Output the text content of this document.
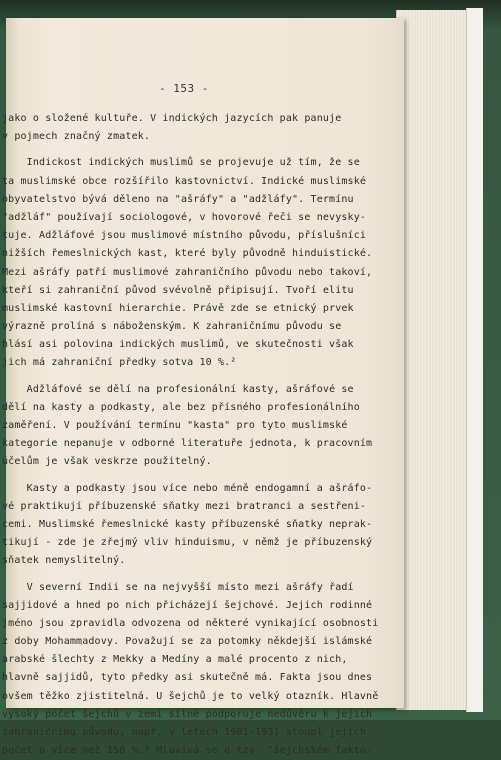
- 153 -
jako o složené kultuře. V indických jazycích pak panuje
v pojmech značný zmatek.
Indickost indických muslimů se projevuje už tím, že se
ta muslimské obce rozšířilo kastovnictví. Indické muslimské
obyvatelstvo bývá děleno na "ašráfy" a "adžláfy". Termínu
"adžláf" používají sociologové, v hovorové řeči se nevysky-
tuje. Adžláfové jsou muslimové místního původu, příslušníci
nižších řemeslnických kast, které byly původně hinduistické.
Mezi ašráfy patří muslimové zahraničního původu nebo takoví,
kteří si zahraniční původ svévolně připisují. Tvoří elitu
muslimské kastovní hierarchie. Právě zde se etnický prvek
výrazně prolíná s náboženským. K zahraničnímu původu se
hlásí asi polovina indických muslimů, ve skutečnosti však
jich má zahraniční předky sotva 10 %.²
Adžláfové se dělí na profesionální kasty, ašráfové se
dělí na kasty a podkasty, ale bez přísného profesionálního
zaměření. V používání termínu "kasta" pro tyto muslimské
kategorie nepanuje v odborné literatuře jednota, k pracovním
účelům je však veskrze použitelný.
Kasty a podkasty jsou více nebo méně endogamní a ašráfo-
vé praktikují příbuzenské sňatky mezi bratranci a sestřeni-
cemi. Muslimské řemeslnické kasty příbuzenské sňatky neprak-
tikují - zde je zřejmý vliv hinduismu, v němž je příbuzenský
sňatek nemyslitelný.
V severní Indii se na nejvyšší místo mezi ašráfy řadí
sajjidové a hned po nich přicházejí šejchové. Jejich rodinné
jméno jsou zpravidla odvozena od některé vynikající osobnosti
z doby Mohammadovy. Považují se za potomky někdejší islámské
arabské šlechty z Mekky a Medíny a malé procento z nich,
hlavně sajjidů, tyto předky asi skutečně má. Fakta jsou dnes
ovšem těžko zjistitelná. U šejchů je to velký otazník. Hlavně
vysoký počet šejchů v zemi silně podporuje nedůvěru k jejich
zahraničnímu původu, např. v letech 1901-1931 stoupl jejich
počet o více než 150 %.³ Mluvívá se o tzv. "šejchském fakto-
